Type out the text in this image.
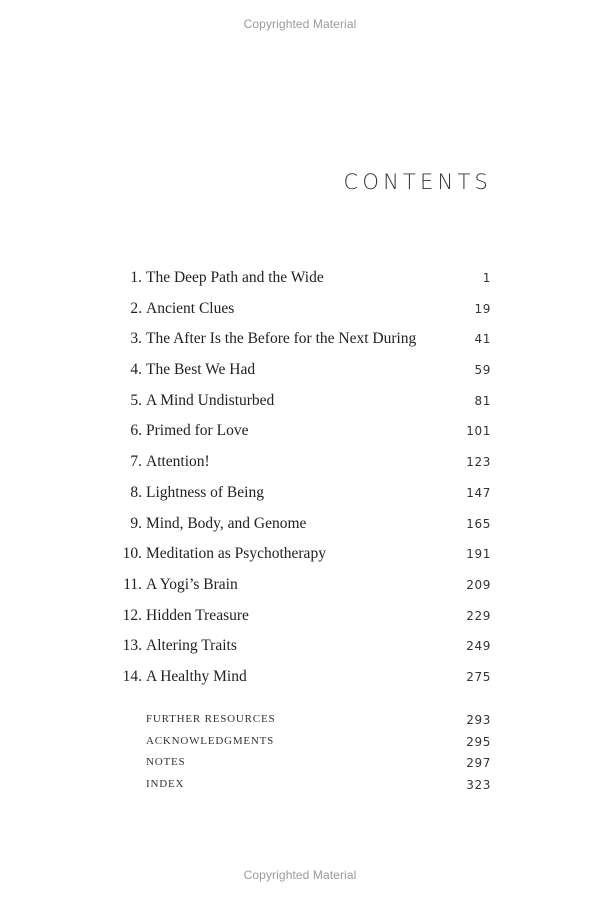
Copyrighted Material
CONTENTS
1. The Deep Path and the Wide	1
2. Ancient Clues	19
3. The After Is the Before for the Next During	41
4. The Best We Had	59
5. A Mind Undisturbed	81
6. Primed for Love	101
7. Attention!	123
8. Lightness of Being	147
9. Mind, Body, and Genome	165
10. Meditation as Psychotherapy	191
11. A Yogi’s Brain	209
12. Hidden Treasure	229
13. Altering Traits	249
14. A Healthy Mind	275
FURTHER RESOURCES	293
ACKNOWLEDGMENTS	295
NOTES	297
INDEX	323
Copyrighted Material
